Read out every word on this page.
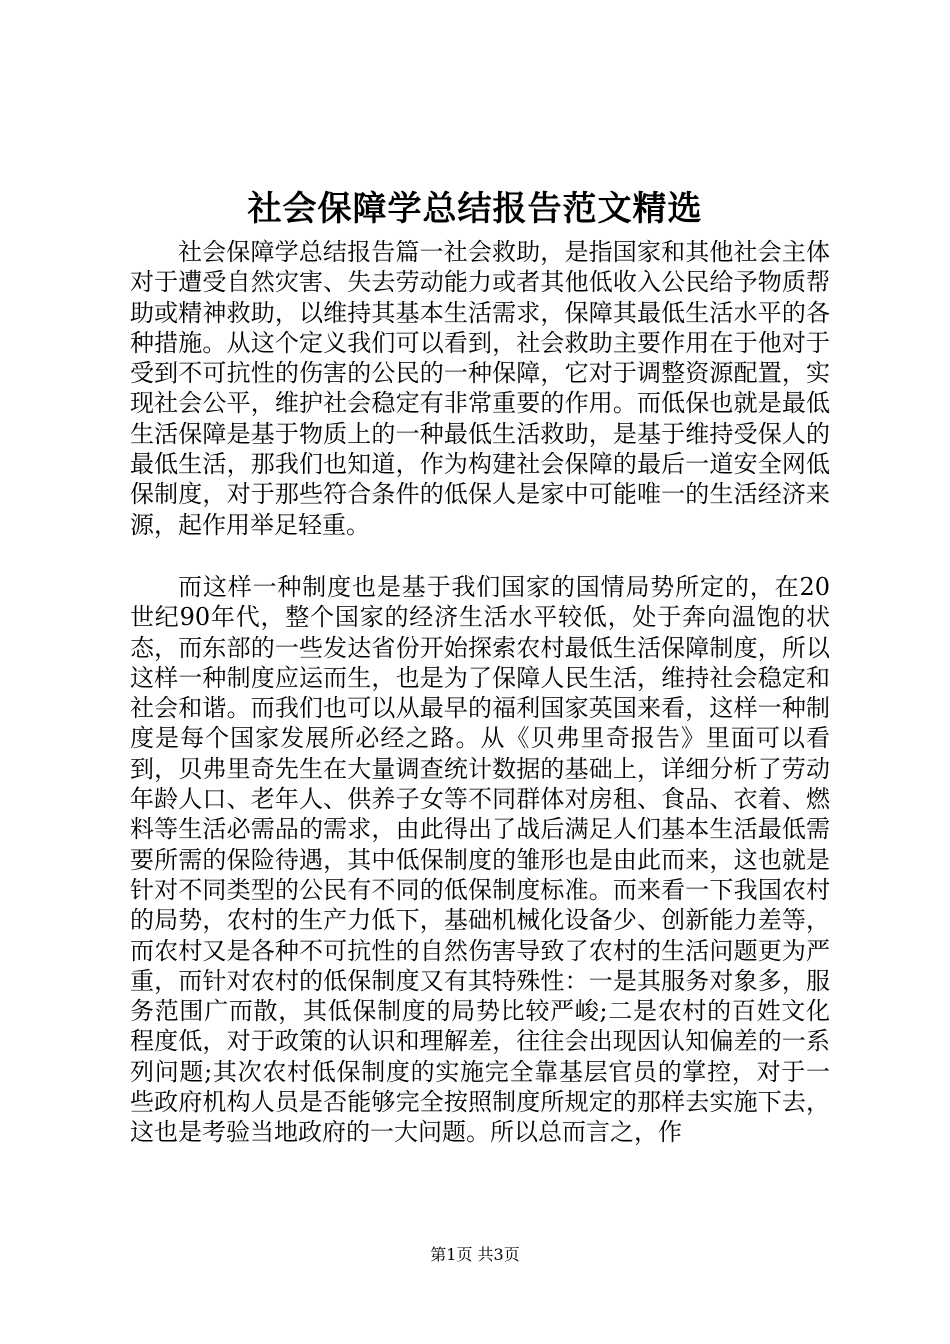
社会保障学总结报告范文精选

社会保障学总结报告篇一社会救助，是指国家和其他社会主体对于遭受自然灾害、失去劳动能力或者其他低收入公民给予物质帮助或精神救助，以维持其基本生活需求，保障其最低生活水平的各种措施。从这个定义我们可以看到，社会救助主要作用在于他对于受到不可抗性的伤害的公民的一种保障，它对于调整资源配置，实现社会公平，维护社会稳定有非常重要的作用。而低保也就是最低生活保障是基于物质上的一种最低生活救助，是基于维持受保人的最低生活，那我们也知道，作为构建社会保障的最后一道安全网低保制度，对于那些符合条件的低保人是家中可能唯一的生活经济来源，起作用举足轻重。

而这样一种制度也是基于我们国家的国情局势所定的，在20世纪90年代，整个国家的经济生活水平较低，处于奔向温饱的状态，而东部的一些发达省份开始探索农村最低生活保障制度，所以这样一种制度应运而生，也是为了保障人民生活，维持社会稳定和社会和谐。而我们也可以从最早的福利国家英国来看，这样一种制度是每个国家发展所必经之路。从《贝弗里奇报告》里面可以看到，贝弗里奇先生在大量调查统计数据的基础上，详细分析了劳动年龄人口、老年人、供养子女等不同群体对房租、食品、衣着、燃料等生活必需品的需求，由此得出了战后满足人们基本生活最低需要所需的保险待遇，其中低保制度的雏形也是由此而来，这也就是针对不同类型的公民有不同的低保制度标准。而来看一下我国农村的局势，农村的生产力低下，基础机械化设备少、创新能力差等，而农村又是各种不可抗性的自然伤害导致了农村的生活问题更为严重，而针对农村的低保制度又有其特殊性：一是其服务对象多，服务范围广而散，其低保制度的局势比较严峻;二是农村的百姓文化程度低，对于政策的认识和理解差，往往会出现因认知偏差的一系列问题;其次农村低保制度的实施完全靠基层官员的掌控，对于一些政府机构人员是否能够完全按照制度所规定的那样去实施下去，这也是考验当地政府的一大问题。所以总而言之，作

第1页 共3页
